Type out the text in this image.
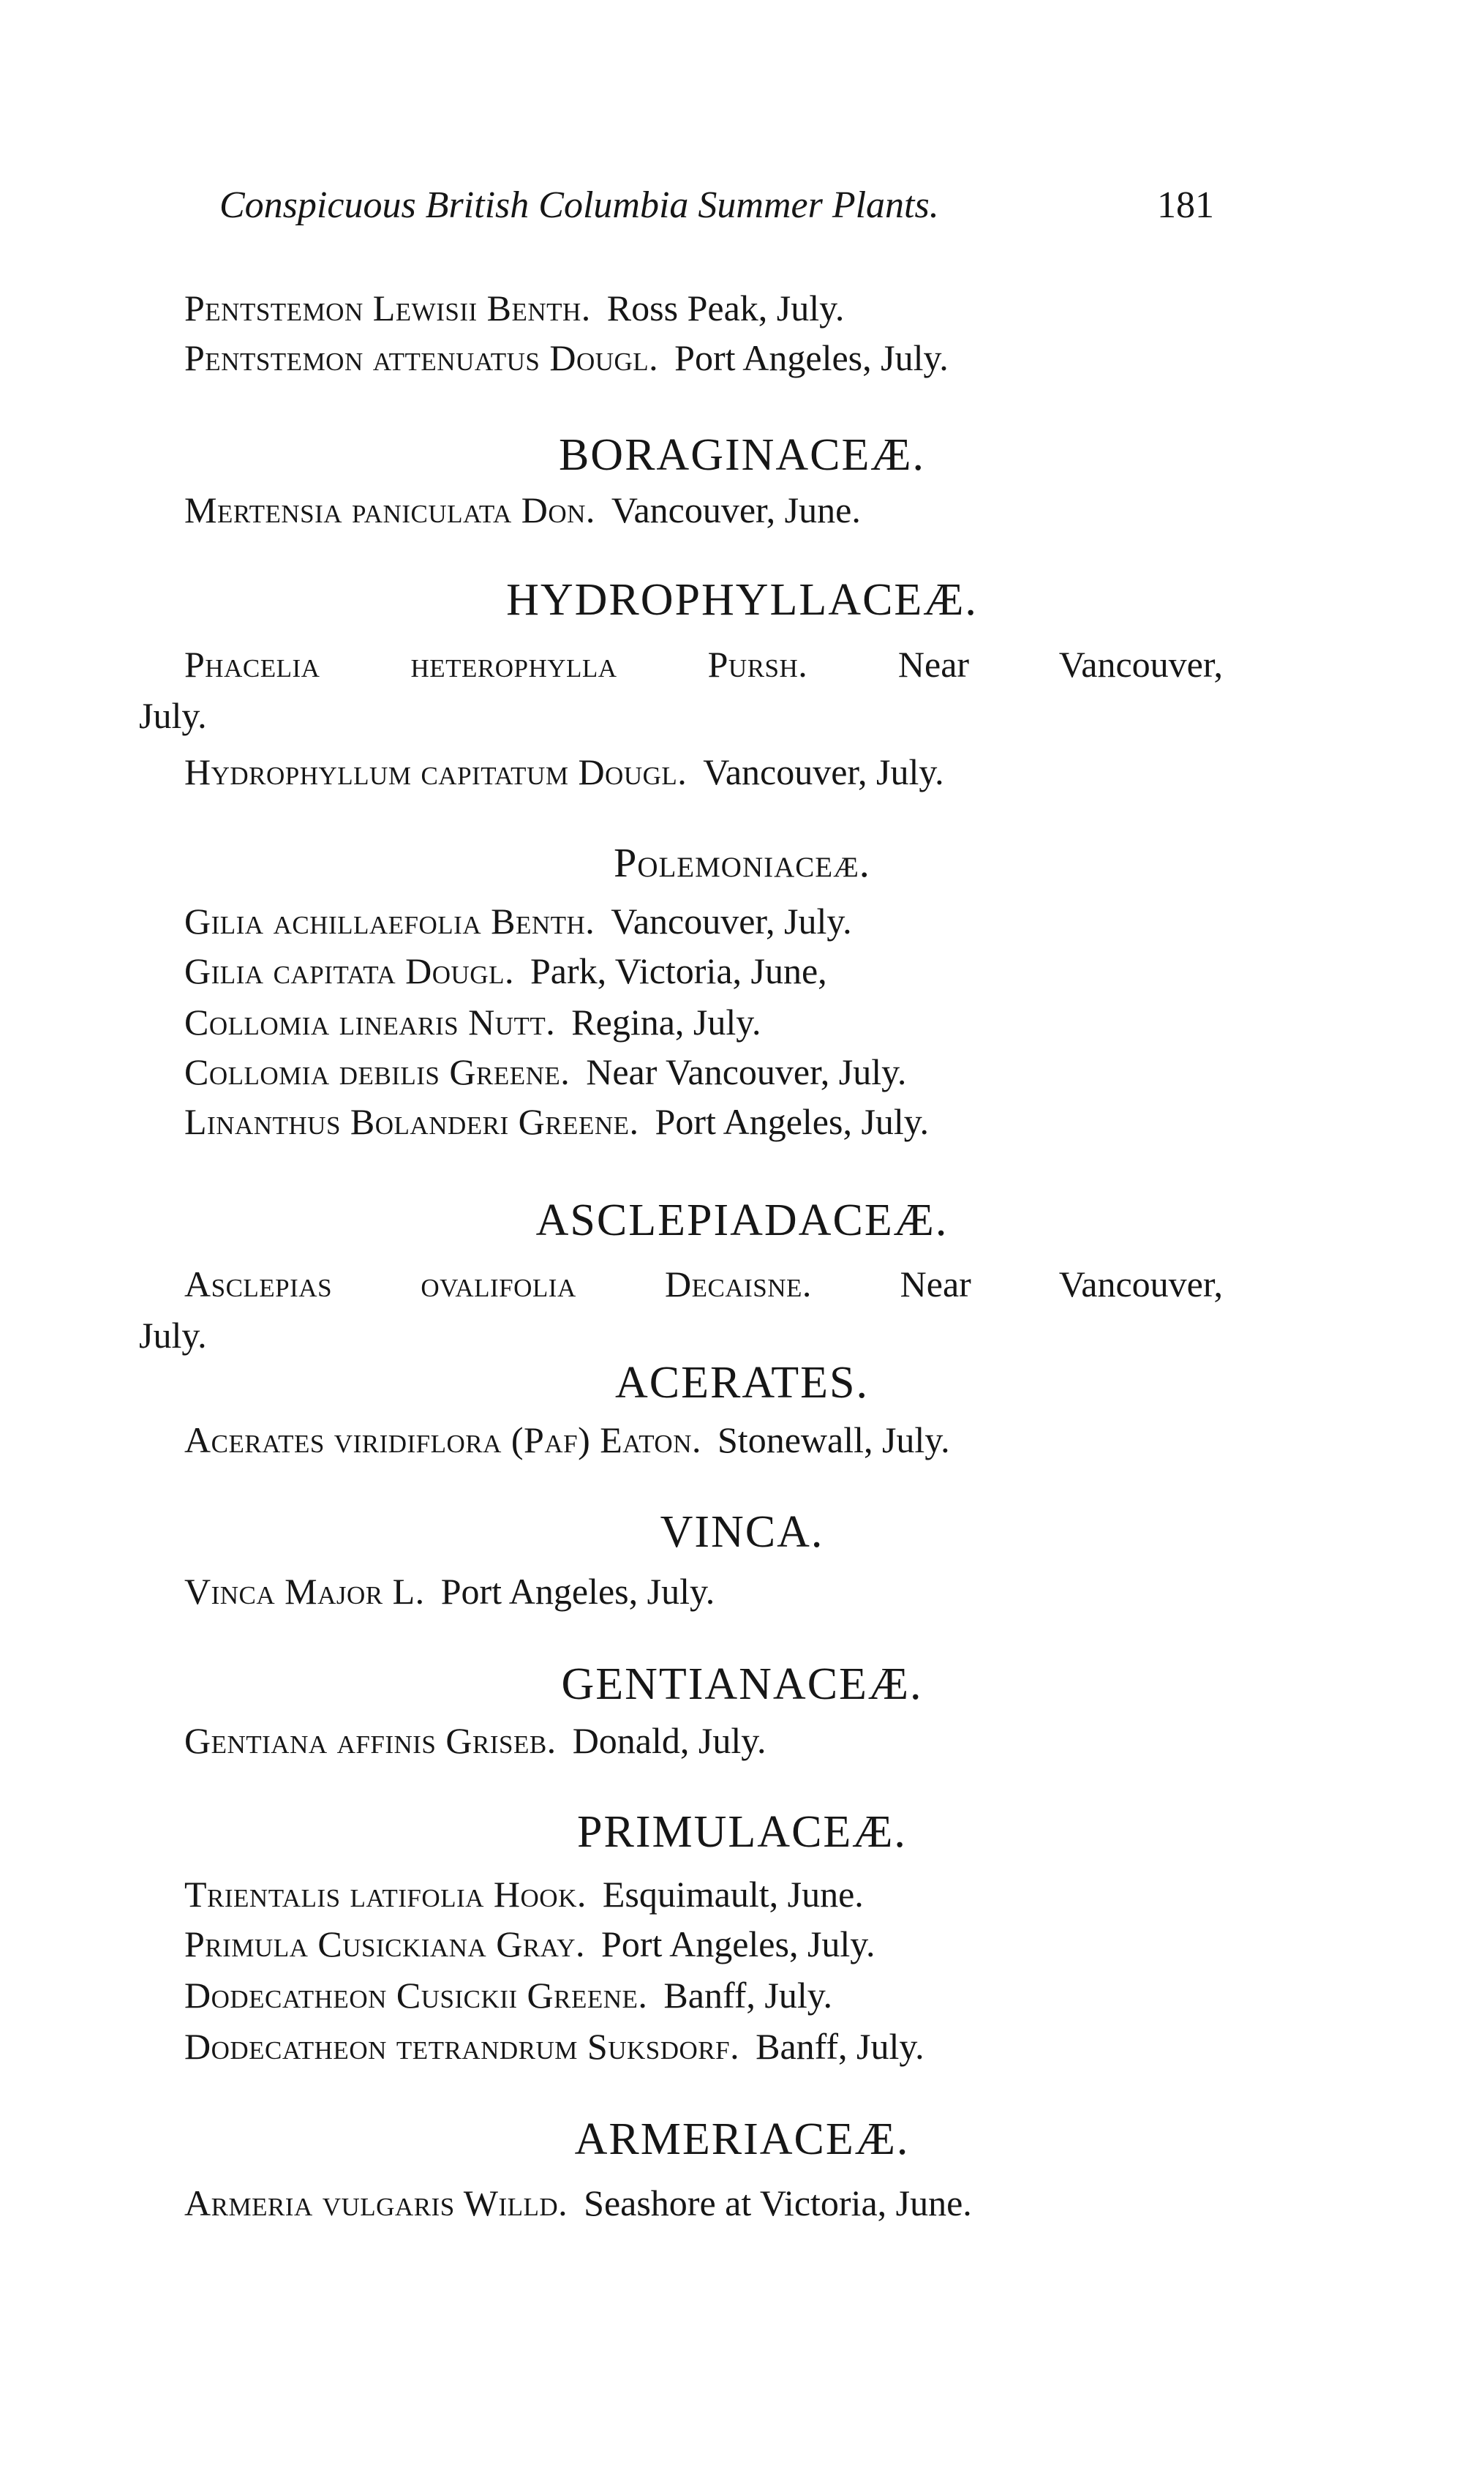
Conspicuous British Columbia Summer Plants.	181
Pentstemon Lewisii Benth. Ross Peak, July.
Pentstemon attenuatus Dougl. Port Angeles, July.
BORAGINACEÆ.
Mertensia paniculata Don. Vancouver, June.
HYDROPHYLLACEÆ.
Phacelia heterophylla Pursh. Near Vancouver,
July.
Hydrophyllum capitatum Dougl. Vancouver, July.
Polemoniaceæ.
Gilia achillaefolia Benth. Vancouver, July.
Gilia capitata Dougl. Park, Victoria, June,
Collomia linearis Nutt. Regina, July.
Collomia debilis Greene. Near Vancouver, July.
Linanthus Bolanderi Greene. Port Angeles, July.
ASCLEPIADACEÆ.
Asclepias ovalifolia Decaisne. Near Vancouver,
July.
ACERATES.
Acerates viridiflora (Paf) Eaton. Stonewall, July.
VINCA.
Vinca Major L. Port Angeles, July.
GENTIANACEÆ.
Gentiana affinis Griseb. Donald, July.
PRIMULACEÆ.
Trientalis latifolia Hook. Esquimault, June.
Primula Cusickiana Gray. Port Angeles, July.
Dodecatheon Cusickii Greene. Banff, July.
Dodecatheon tetrandrum Suksdorf. Banff, July.
ARMERIACEÆ.
Armeria vulgaris Willd. Seashore at Victoria, June.
